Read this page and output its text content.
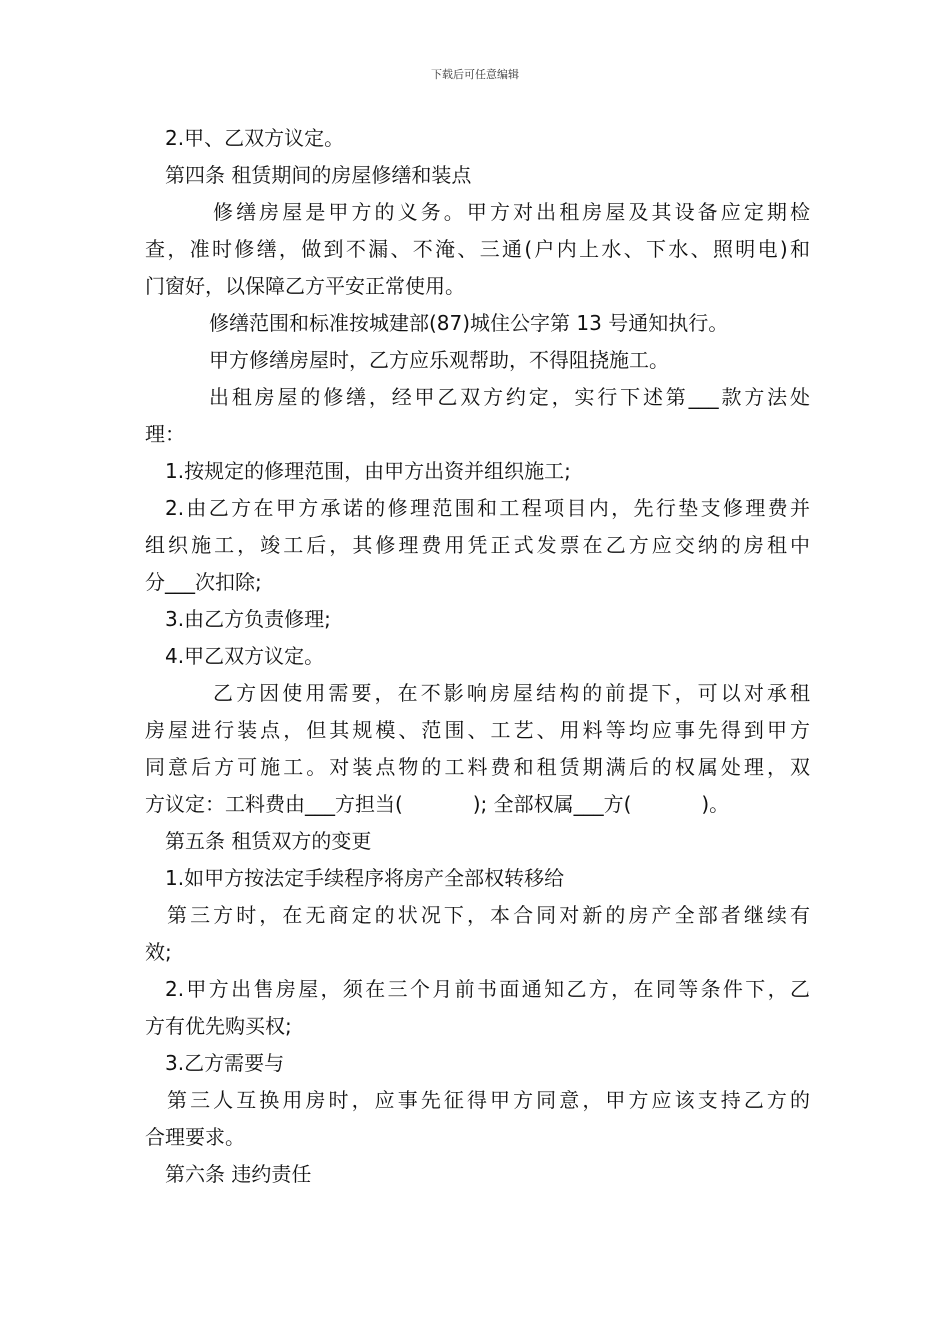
下载后可任意编辑
2.甲、乙双方议定。
第四条 租赁期间的房屋修缮和装点
修缮房屋是甲方的义务。甲方对出租房屋及其设备应定期检
查，准时修缮，做到不漏、不淹、三通(户内上水、下水、照明电)和
门窗好，以保障乙方平安正常使用。
修缮范围和标准按城建部(87)城住公字第 13 号通知执行。
甲方修缮房屋时，乙方应乐观帮助，不得阻挠施工。
出租房屋的修缮，经甲乙双方约定，实行下述第___款方法处
理：
1.按规定的修理范围，由甲方出资并组织施工;
2.由乙方在甲方承诺的修理范围和工程项目内，先行垫支修理费并
组织施工，竣工后，其修理费用凭正式发票在乙方应交纳的房租中
分___次扣除;
3.由乙方负责修理;
4.甲乙双方议定。
乙方因使用需要，在不影响房屋结构的前提下，可以对承租
房屋进行装点，但其规模、范围、工艺、用料等均应事先得到甲方
同意后方可施工。对装点物的工料费和租赁期满后的权属处理，双
方议定：工料费由___方担当(           ); 全部权属___方(           )。
第五条 租赁双方的变更
1.如甲方按法定手续程序将房产全部权转移给
第三方时，在无商定的状况下，本合同对新的房产全部者继续有
效;
2.甲方出售房屋，须在三个月前书面通知乙方，在同等条件下，乙
方有优先购买权;
3.乙方需要与
第三人互换用房时，应事先征得甲方同意，甲方应该支持乙方的
合理要求。
第六条 违约责任
